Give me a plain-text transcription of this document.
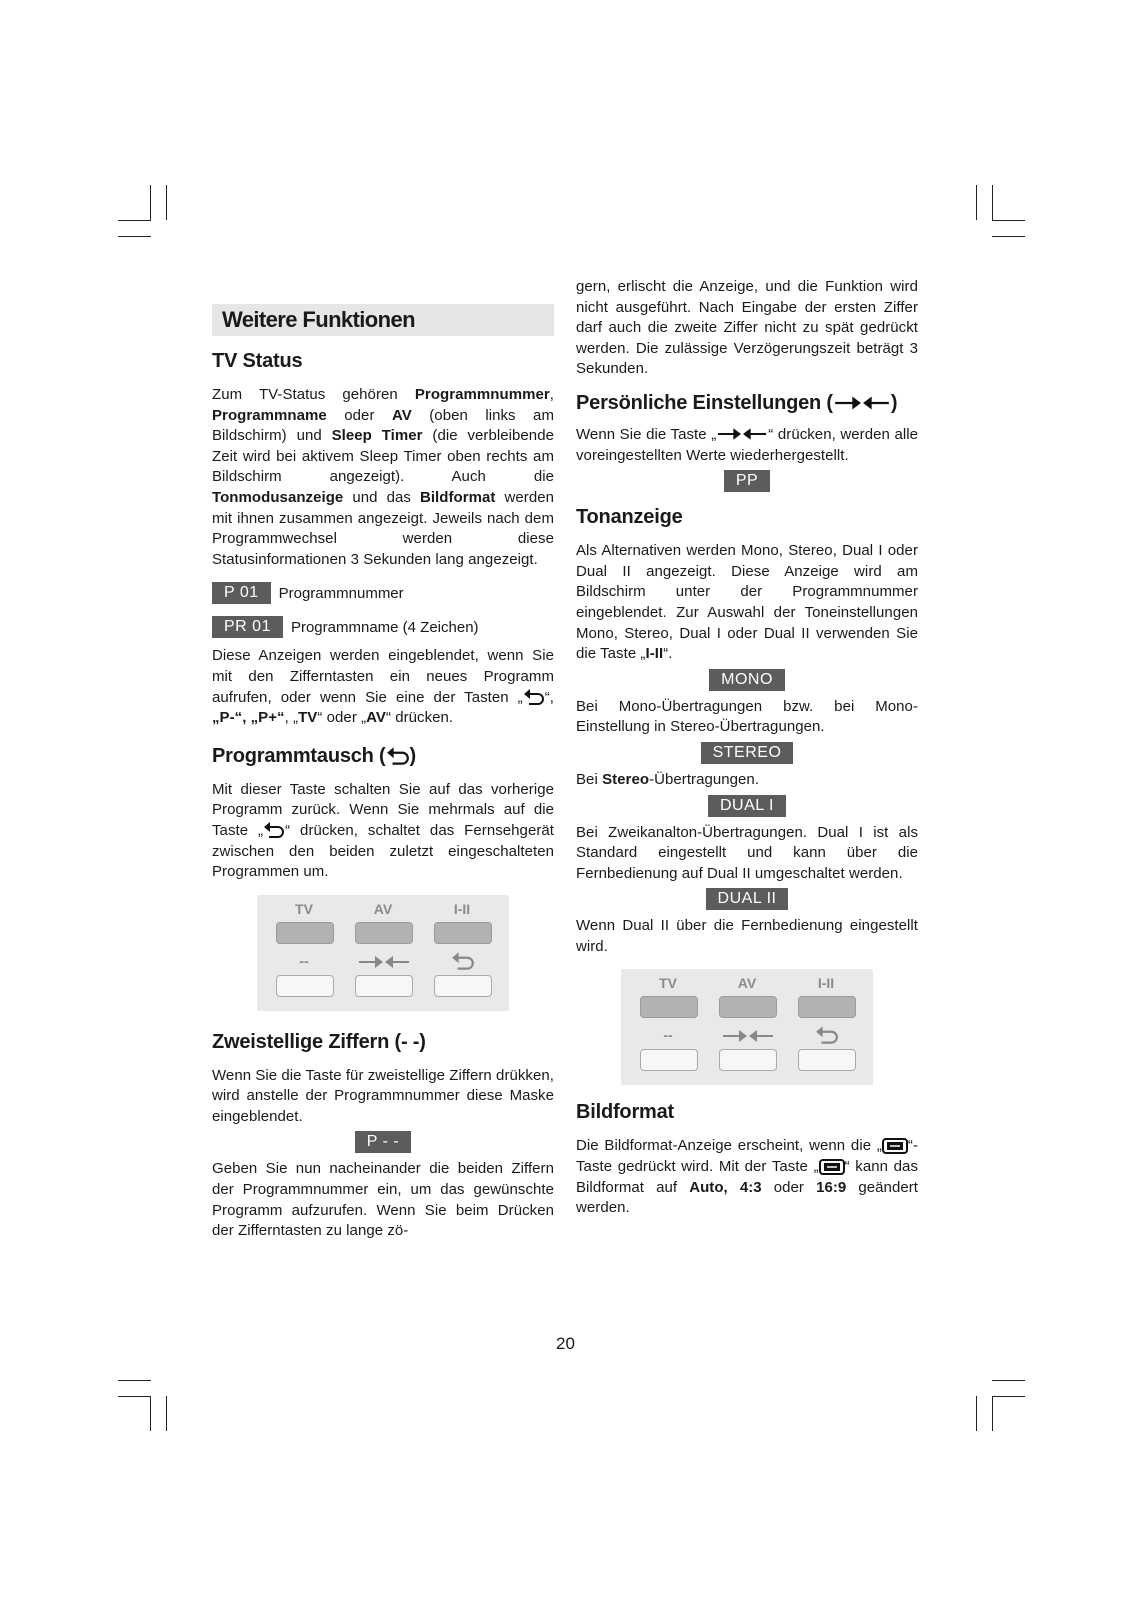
Weitere Funktionen
TV Status

Zum TV-Status gehören Programmnummer, Programmname oder AV (oben links am Bildschirm) und Sleep Timer (die verbleibende Zeit wird bei aktivem Sleep Timer oben rechts am Bildschirm angezeigt). Auch die Tonmodusanzeige und das Bildformat werden mit ihnen zusammen angezeigt. Jeweils nach dem Programmwechsel werden diese Statusinformationen 3 Sekunden lang angezeigt.

P 01	Programmnummer
PR 01	Programmname (4 Zeichen)

Diese Anzeigen werden eingeblendet, wenn Sie mit den Zifferntasten ein neues Programm aufrufen, oder wenn Sie eine der Tasten „ “, „P-“, „P+“, „TV“ oder „AV“ drücken.

Programmtausch ( )

Mit dieser Taste schalten Sie auf das vorherige Programm zurück. Wenn Sie mehrmals auf die Taste „ “ drücken, schaltet das Fernsehgerät zwischen den beiden zuletzt eingeschalteten Programmen um.

TV	AV	I-II
--
Zweistellige Ziffern (- -)

Wenn Sie die Taste für zweistellige Ziffern drükken, wird anstelle der Programmnummer diese Maske eingeblendet.

P - -

Geben Sie nun nacheinander die beiden Ziffern der Programmnummer ein, um das gewünschte Programm aufzurufen. Wenn Sie beim Drücken der Zifferntasten zu lange zö-

gern, erlischt die Anzeige, und die Funktion wird nicht ausgeführt. Nach Eingabe der ersten Ziffer darf auch die zweite Ziffer nicht zu spät gedrückt werden. Die zulässige Verzögerungszeit beträgt 3 Sekunden.

Persönliche Einstellungen (	)

Wenn Sie die Taste „	“ drücken, werden alle voreingestellten Werte wiederhergestellt.

PP
Tonanzeige

Als Alternativen werden Mono, Stereo, Dual I oder Dual II angezeigt. Diese Anzeige wird am Bildschirm unter der Programmnummer eingeblendet. Zur Auswahl der Toneinstellungen Mono, Stereo, Dual I oder Dual II verwenden Sie die Taste „I-II“.

MONO

Bei Mono-Übertragungen bzw. bei Mono-Einstellung in Stereo-Übertragungen.

STEREO

Bei Stereo-Übertragungen.

DUAL I

Bei Zweikanalton-Übertragungen. Dual I ist als Standard eingestellt und kann über die Fernbedienung auf Dual II umgeschaltet werden.

DUAL II

Wenn Dual II über die Fernbedienung eingestellt wird.

TV	AV	I-II
--
Bildformat

Die Bildformat-Anzeige erscheint, wenn die „ “-Taste gedrückt wird. Mit der Taste „ “ kann das Bildformat auf Auto, 4:3 oder 16:9 geändert werden.

20
